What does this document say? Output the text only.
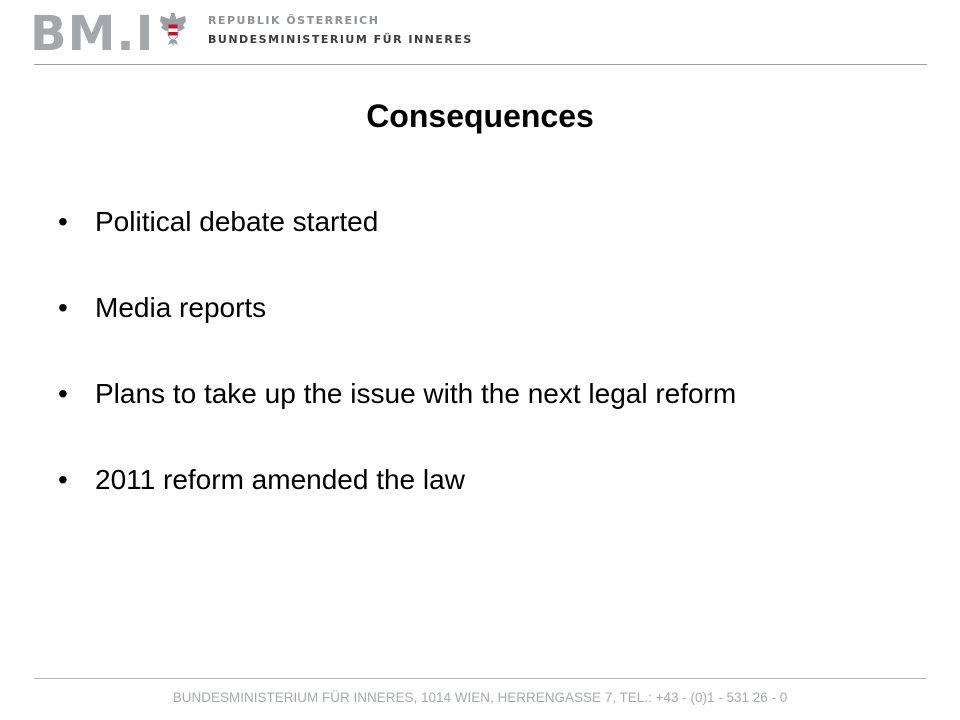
BM.I	REPUBLIK ÖSTERREICH
BUNDESMINISTERIUM FÜR INNERES
Consequences
• Political debate started
• Media reports
• Plans to take up the issue with the next legal reform
• 2011 reform amended the law
BUNDESMINISTERIUM FÜR INNERES, 1014 WIEN, HERRENGASSE 7, TEL.: +43 - (0)1 - 531 26 - 0
